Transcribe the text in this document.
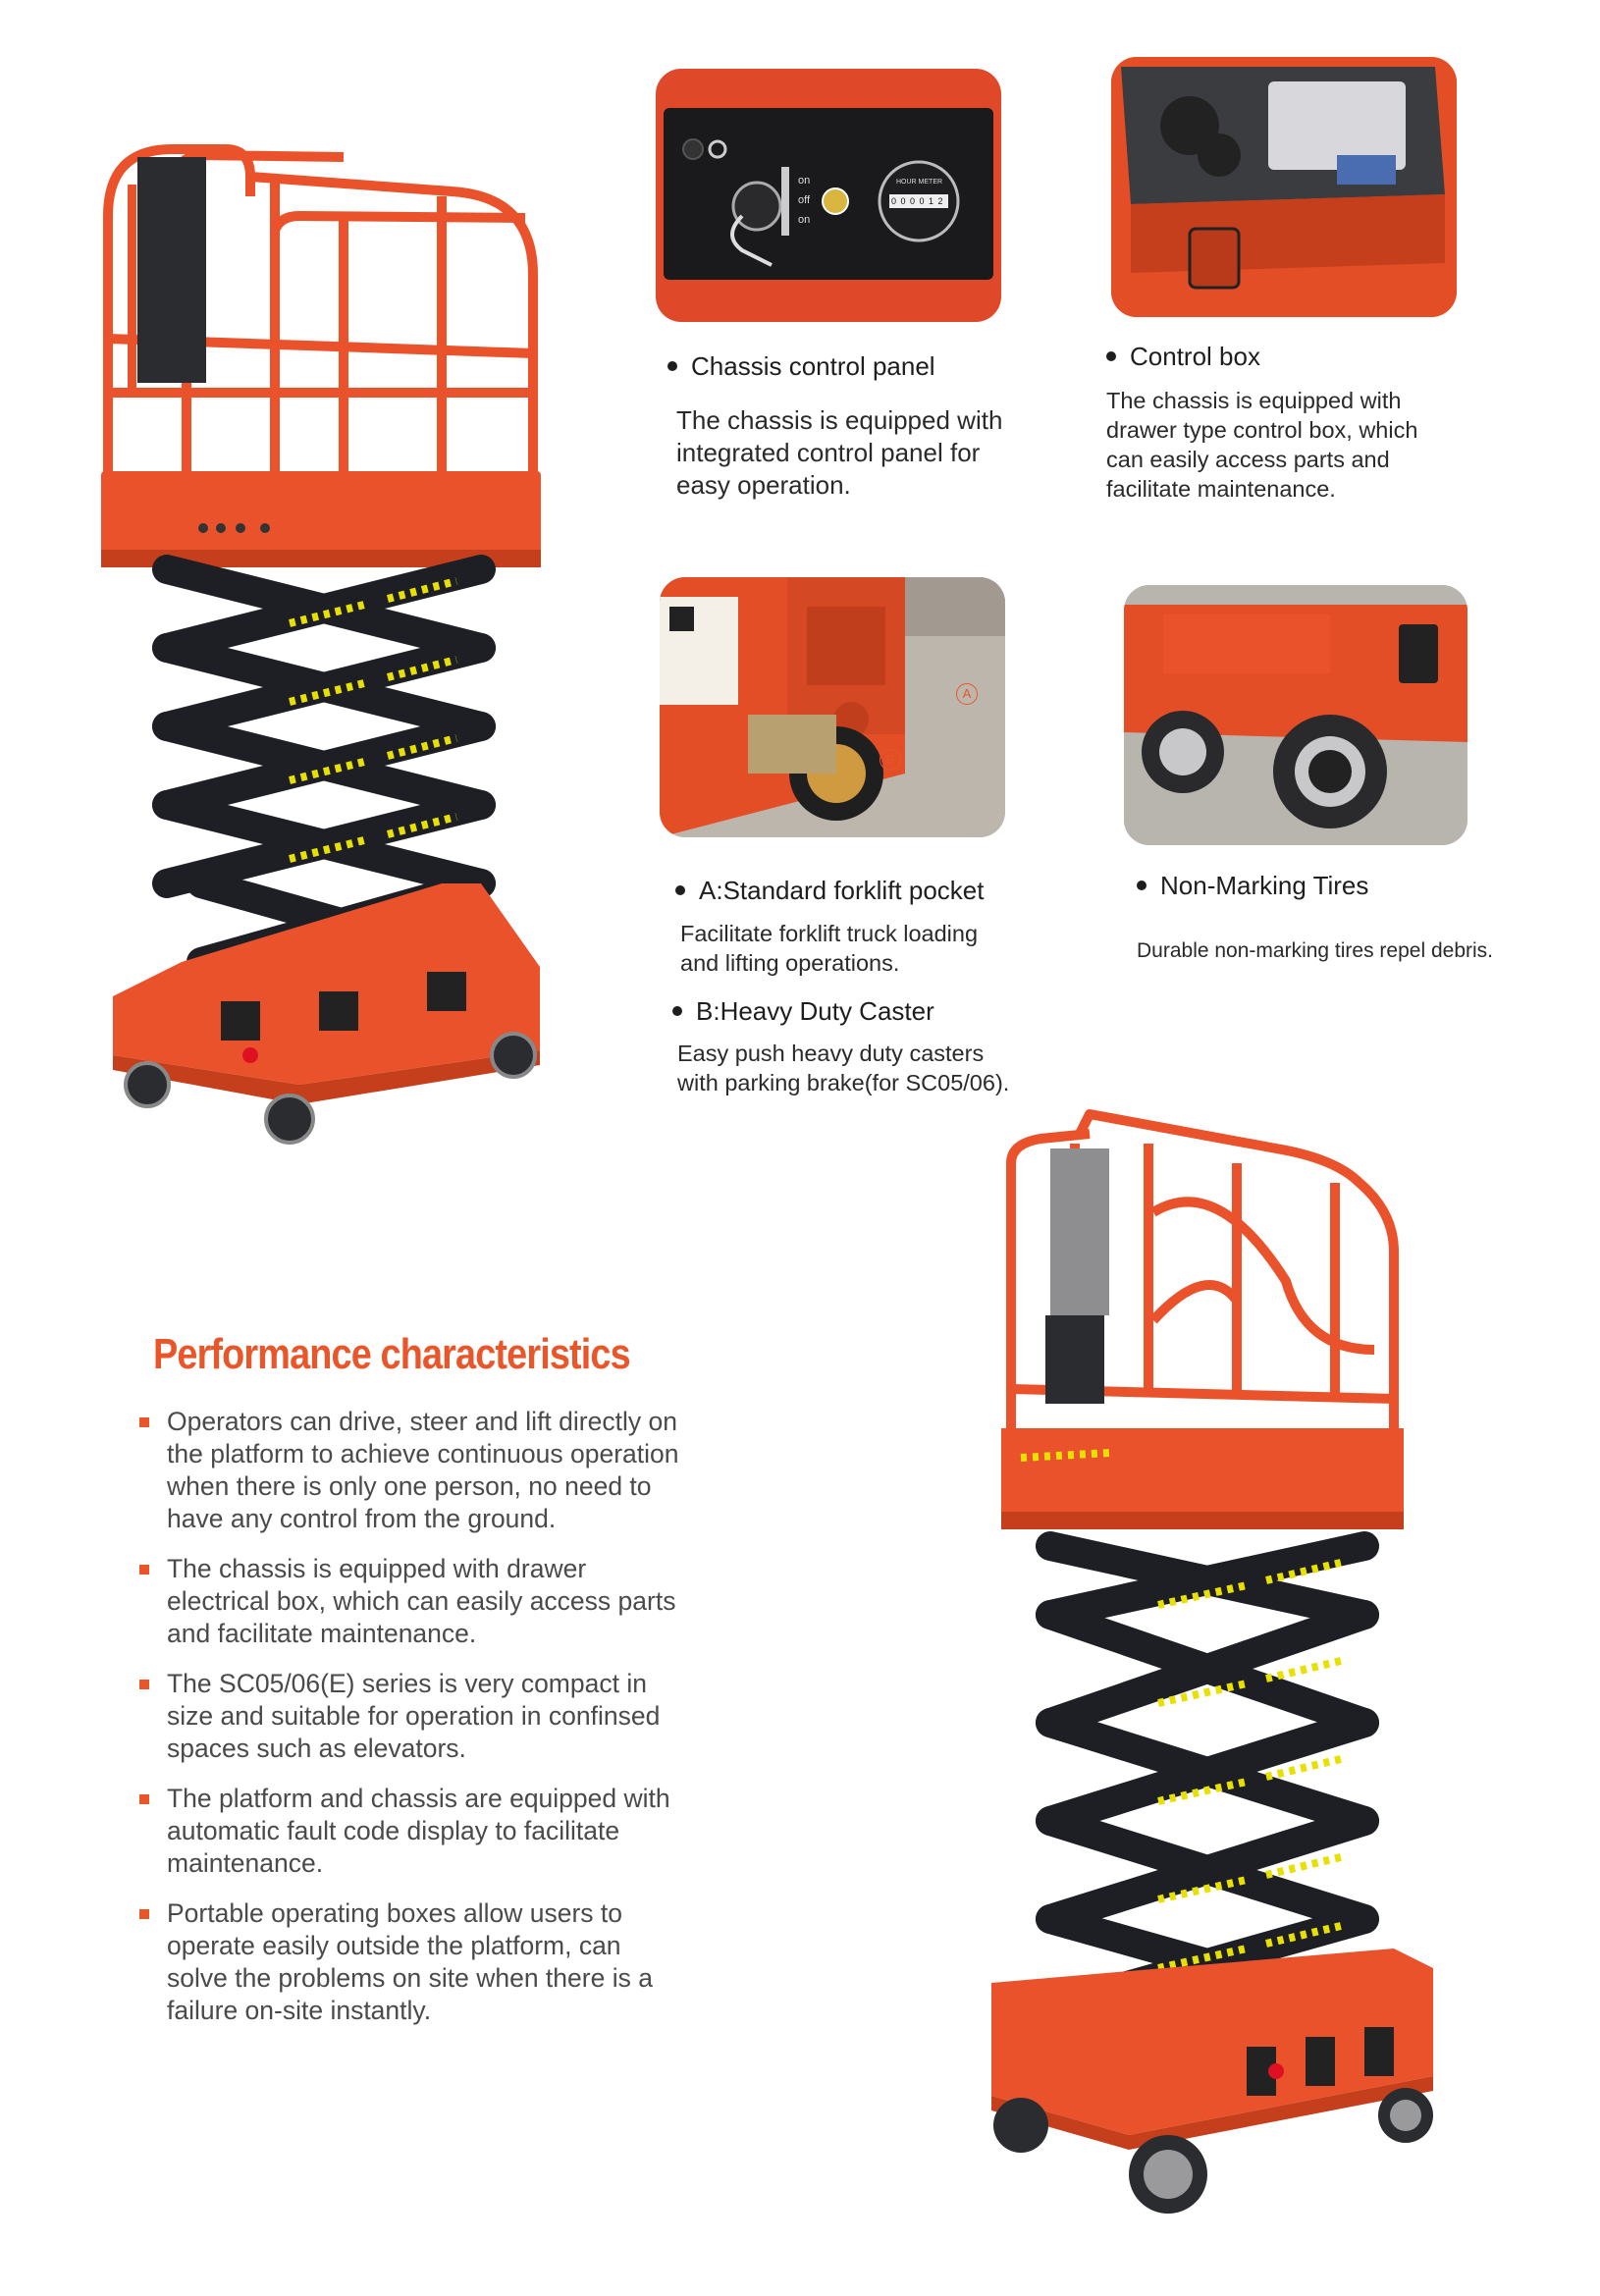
on
off
on
HOUR METER
0 0 0 0 1 2
A
B
Chassis control panel
The chassis is equipped with
integrated control panel for
easy operation.
Control box
The chassis is equipped with
drawer type control box, which
can easily access parts and
facilitate maintenance.
A:Standard forklift pocket
Facilitate forklift truck loading
and lifting operations.
B:Heavy Duty Caster
Easy push heavy duty casters
with parking brake(for SC05/06).
Non-Marking Tires
Durable non-marking tires repel debris.
Performance characteristics
Operators can drive, steer and lift directly on the platform to achieve continuous operation when there is only one person, no need to have any control from the ground.
The chassis is equipped with drawer electrical box, which can easily access parts and facilitate maintenance.
The SC05/06(E) series is very compact in size and suitable for operation in confinsed spaces such as elevators.
The platform and chassis are equipped with automatic fault code display to facilitate maintenance.
Portable operating boxes allow users to operate easily outside the platform, can solve the problems on site when there is a failure on-site instantly.
